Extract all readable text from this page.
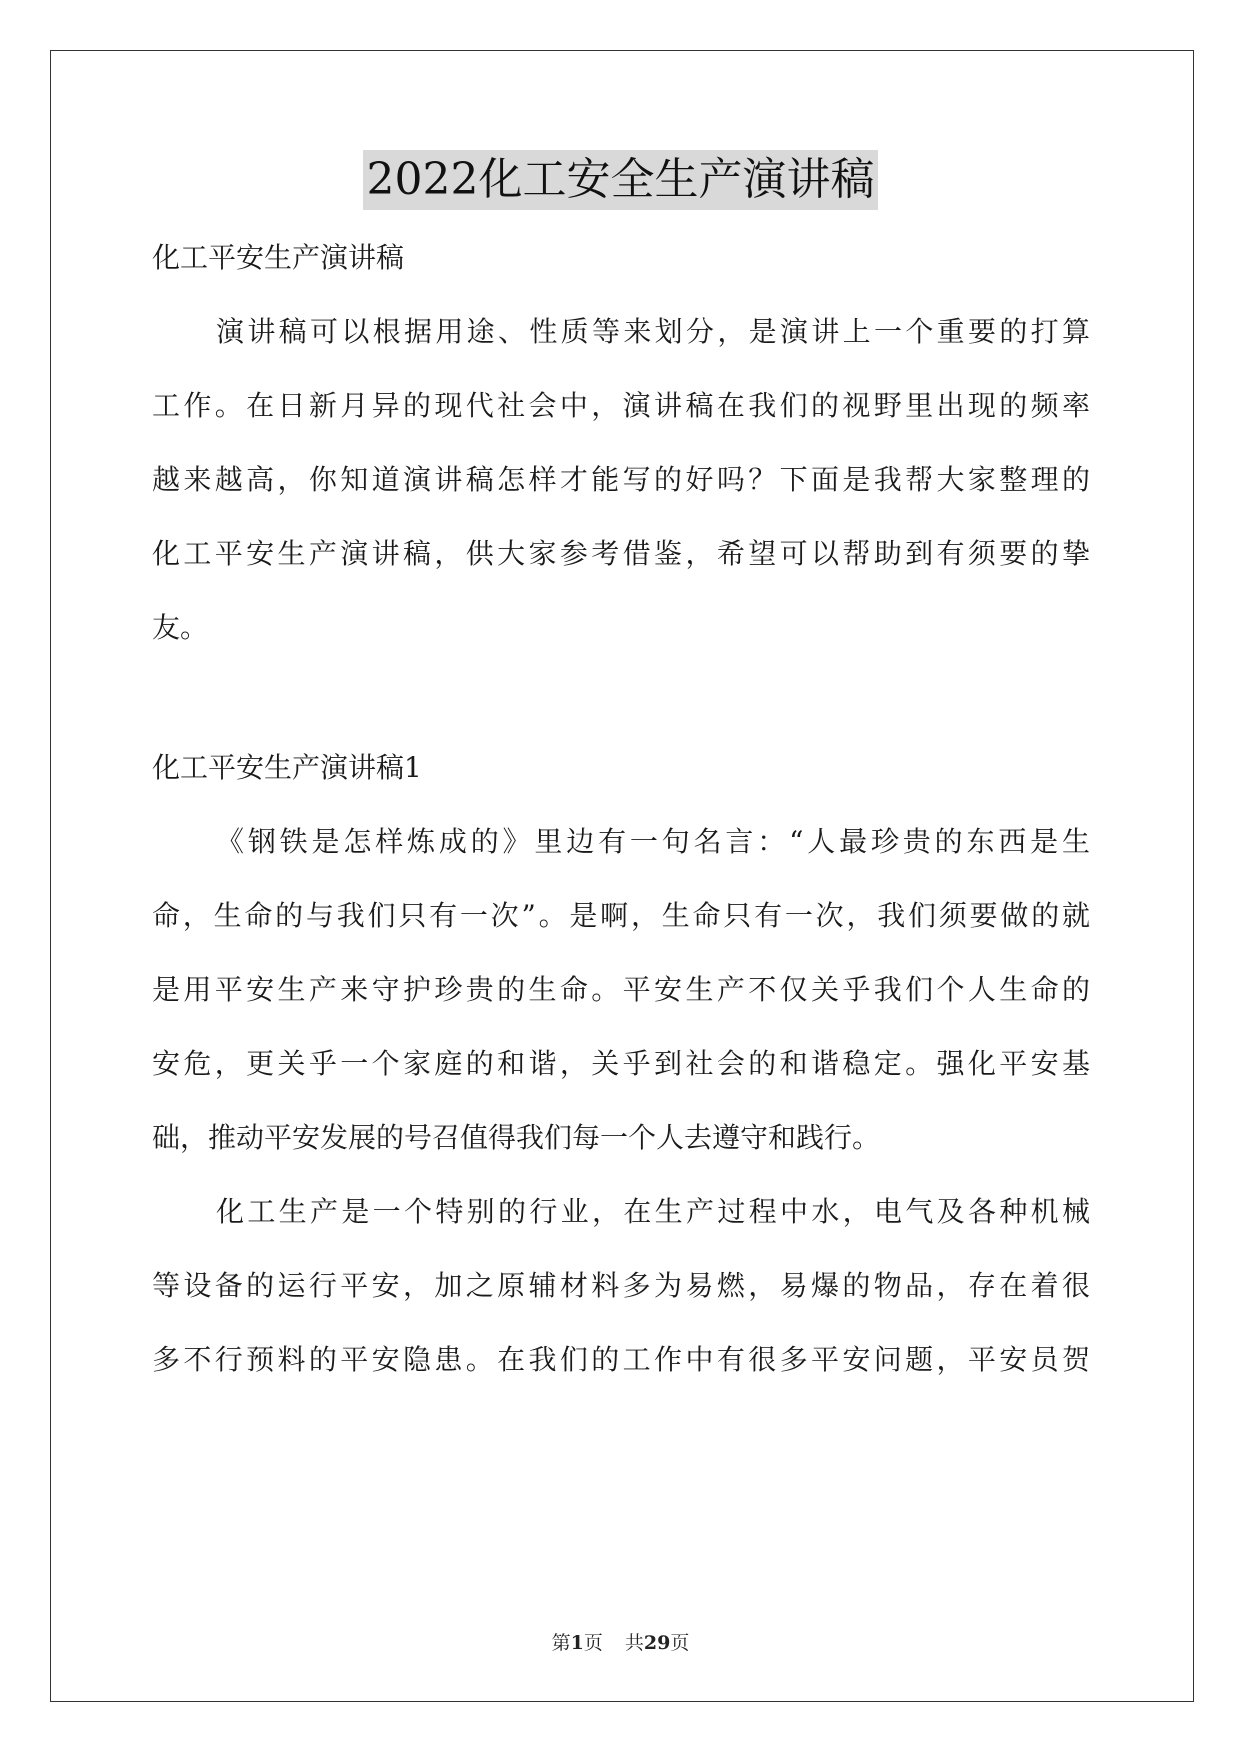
2022化工安全生产演讲稿
化工平安生产演讲稿
演讲稿可以根据用途、性质等来划分，是演讲上一个重要的打算
工作。在日新月异的现代社会中，演讲稿在我们的视野里出现的频率
越来越高，你知道演讲稿怎样才能写的好吗？下面是我帮大家整理的
化工平安生产演讲稿，供大家参考借鉴，希望可以帮助到有须要的挚
友。
化工平安生产演讲稿1
《钢铁是怎样炼成的》里边有一句名言：“人最珍贵的东西是生
命，生命的与我们只有一次”。是啊，生命只有一次，我们须要做的就
是用平安生产来守护珍贵的生命。平安生产不仅关乎我们个人生命的
安危，更关乎一个家庭的和谐，关乎到社会的和谐稳定。强化平安基
础，推动平安发展的号召值得我们每一个人去遵守和践行。
化工生产是一个特别的行业，在生产过程中水，电气及各种机械
等设备的运行平安，加之原辅材料多为易燃，易爆的物品，存在着很
多不行预料的平安隐患。在我们的工作中有很多平安问题，平安员贺
第1页 共29页
